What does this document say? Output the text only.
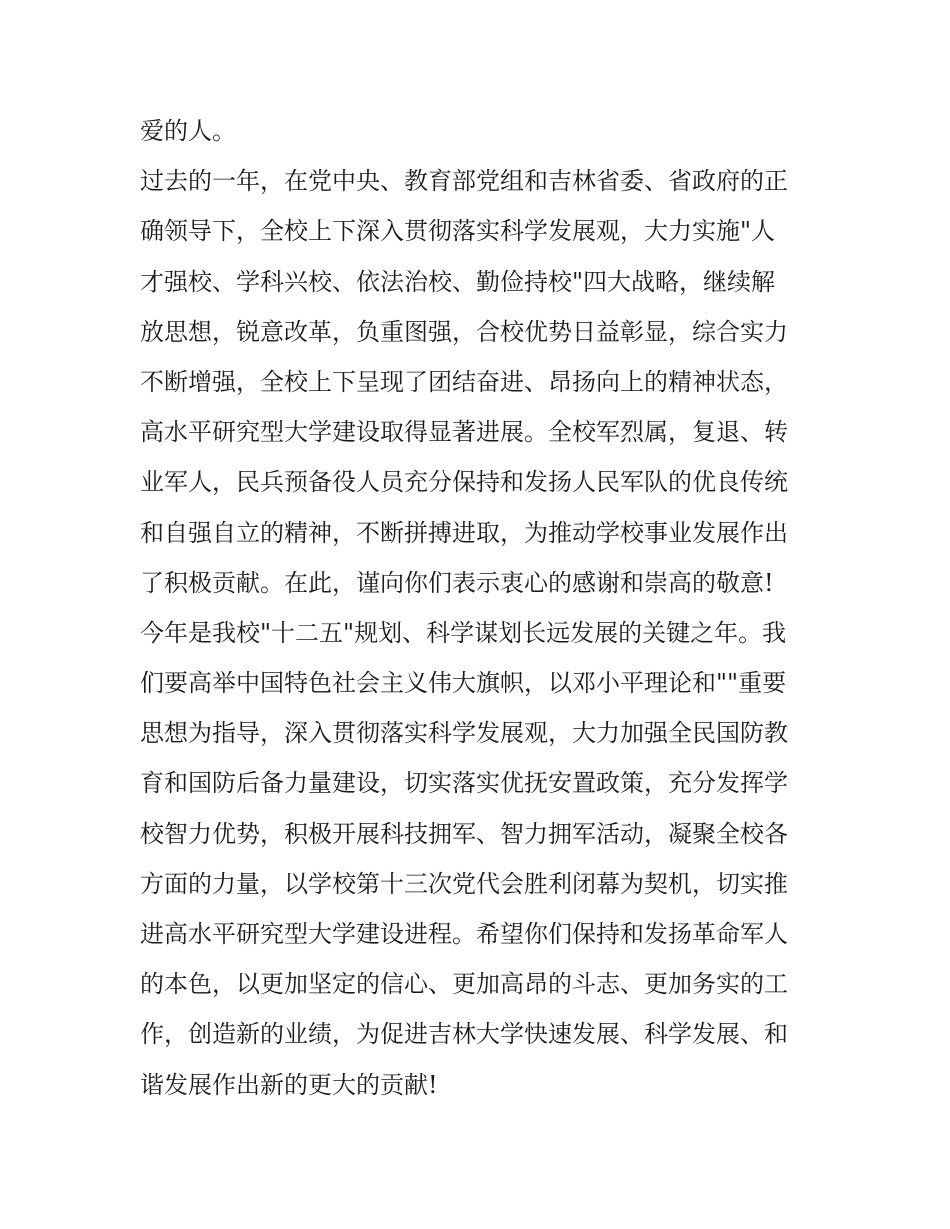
爱的人。
过去的一年，在党中央、教育部党组和吉林省委、省政府的正
确领导下，全校上下深入贯彻落实科学发展观，大力实施"人
才强校、学科兴校、依法治校、勤俭持校"四大战略，继续解
放思想，锐意改革，负重图强，合校优势日益彰显，综合实力
不断增强，全校上下呈现了团结奋进、昂扬向上的精神状态，
高水平研究型大学建设取得显著进展。全校军烈属，复退、转
业军人，民兵预备役人员充分保持和发扬人民军队的优良传统
和自强自立的精神，不断拼搏进取，为推动学校事业发展作出
了积极贡献。在此，谨向你们表示衷心的感谢和崇高的敬意!
今年是我校"十二五"规划、科学谋划长远发展的关键之年。我
们要高举中国特色社会主义伟大旗帜，以邓小平理论和""重要
思想为指导，深入贯彻落实科学发展观，大力加强全民国防教
育和国防后备力量建设，切实落实优抚安置政策，充分发挥学
校智力优势，积极开展科技拥军、智力拥军活动，凝聚全校各
方面的力量，以学校第十三次党代会胜利闭幕为契机，切实推
进高水平研究型大学建设进程。希望你们保持和发扬革命军人
的本色，以更加坚定的信心、更加高昂的斗志、更加务实的工
作，创造新的业绩，为促进吉林大学快速发展、科学发展、和
谐发展作出新的更大的贡献!
